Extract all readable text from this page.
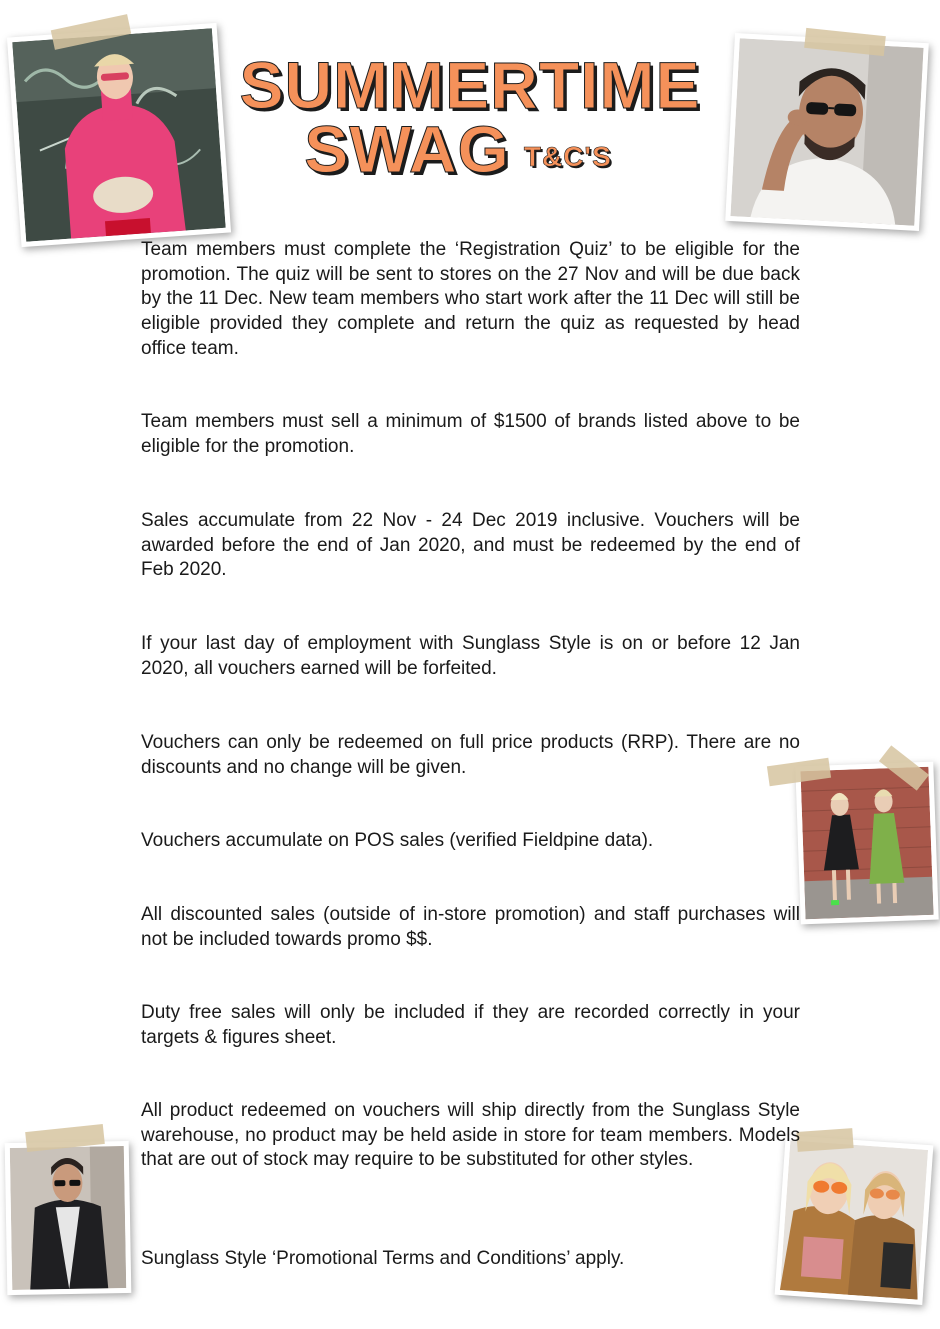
SUMMERTIME
SWAG T&C'S

Team members must complete the ‘Registration Quiz’ to be eligible for the promotion. The quiz will be sent to stores on the 27 Nov and will be due back by the 11 Dec. New team members who start work after the 11 Dec will still be eligible provided they complete and return the quiz as requested by head office team.

Team members must sell a minimum of $1500 of brands listed above to be eligible for the promotion.

Sales accumulate from 22 Nov - 24 Dec 2019 inclusive. Vouchers will be awarded before the end of Jan 2020, and must be redeemed by the end of Feb 2020.

If your last day of employment with Sunglass Style is on or before 12 Jan 2020, all vouchers earned will be forfeited.

Vouchers can only be redeemed on full price products (RRP). There are no discounts and no change will be given.

Vouchers accumulate on POS sales (verified Fieldpine data).

All discounted sales (outside of in-store promotion) and staff purchases will not be included towards promo $$.

Duty free sales will only be included if they are recorded correctly in your targets & figures sheet.

All product redeemed on vouchers will ship directly from the Sunglass Style warehouse, no product may be held aside in store for team members. Models that are out of stock may require to be substituted for other styles.

Sunglass Style ‘Promotional Terms and Conditions’ apply.
